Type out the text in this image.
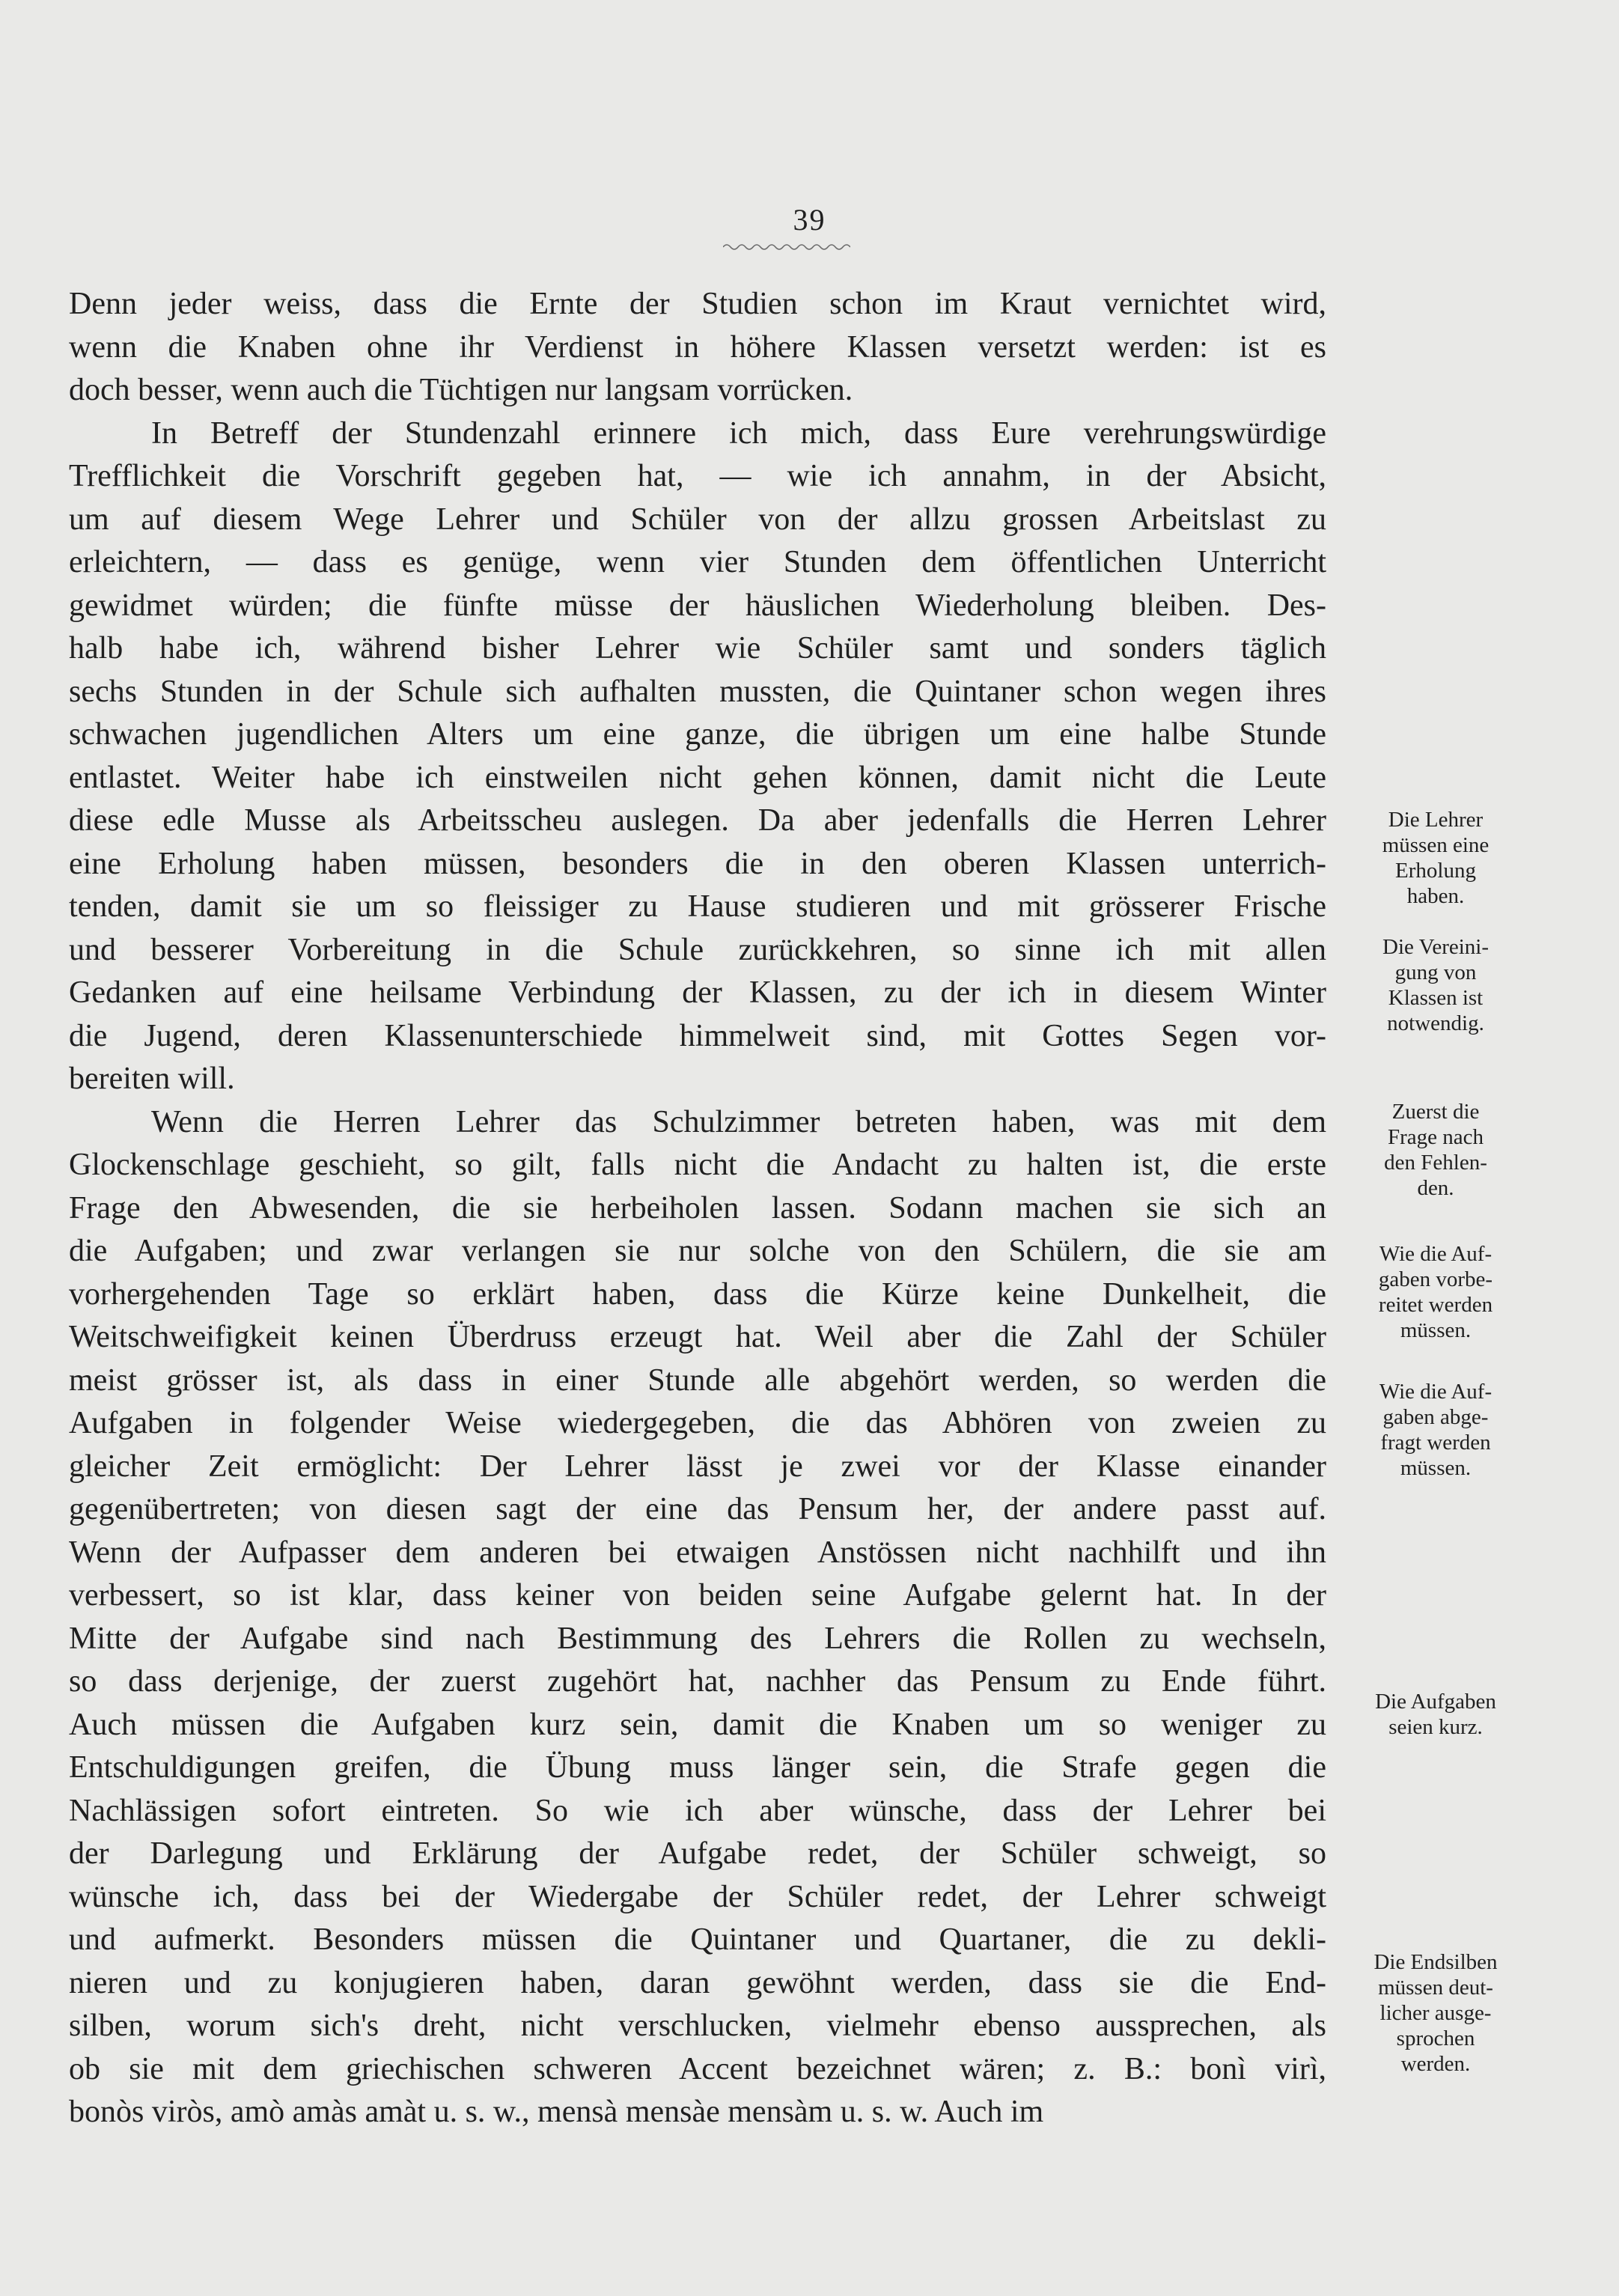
39
Denn jeder weiss, dass die Ernte der Studien schon im Kraut vernichtet wird,
wenn die Knaben ohne ihr Verdienst in höhere Klassen versetzt werden: ist es
doch besser, wenn auch die Tüchtigen nur langsam vorrücken.
In Betreff der Stundenzahl erinnere ich mich, dass Eure verehrungswürdige
Trefflichkeit die Vorschrift gegeben hat, — wie ich annahm, in der Absicht,
um auf diesem Wege Lehrer und Schüler von der allzu grossen Arbeitslast zu
erleichtern, — dass es genüge, wenn vier Stunden dem öffentlichen Unterricht
gewidmet würden; die fünfte müsse der häuslichen Wiederholung bleiben. Des-
halb habe ich, während bisher Lehrer wie Schüler samt und sonders täglich
sechs Stunden in der Schule sich aufhalten mussten, die Quintaner schon wegen ihres
schwachen jugendlichen Alters um eine ganze, die übrigen um eine halbe Stunde
entlastet. Weiter habe ich einstweilen nicht gehen können, damit nicht die Leute
diese edle Musse als Arbeitsscheu auslegen. Da aber jedenfalls die Herren Lehrer
eine Erholung haben müssen, besonders die in den oberen Klassen unterrich-
tenden, damit sie um so fleissiger zu Hause studieren und mit grösserer Frische
und besserer Vorbereitung in die Schule zurückkehren, so sinne ich mit allen
Gedanken auf eine heilsame Verbindung der Klassen, zu der ich in diesem Winter
die Jugend, deren Klassenunterschiede himmelweit sind, mit Gottes Segen vor-
bereiten will.
Wenn die Herren Lehrer das Schulzimmer betreten haben, was mit dem
Glockenschlage geschieht, so gilt, falls nicht die Andacht zu halten ist, die erste
Frage den Abwesenden, die sie herbeiholen lassen. Sodann machen sie sich an
die Aufgaben; und zwar verlangen sie nur solche von den Schülern, die sie am
vorhergehenden Tage so erklärt haben, dass die Kürze keine Dunkelheit, die
Weitschweifigkeit keinen Überdruss erzeugt hat. Weil aber die Zahl der Schüler
meist grösser ist, als dass in einer Stunde alle abgehört werden, so werden die
Aufgaben in folgender Weise wiedergegeben, die das Abhören von zweien zu
gleicher Zeit ermöglicht: Der Lehrer lässt je zwei vor der Klasse einander
gegenübertreten; von diesen sagt der eine das Pensum her, der andere passt auf.
Wenn der Aufpasser dem anderen bei etwaigen Anstössen nicht nachhilft und ihn
verbessert, so ist klar, dass keiner von beiden seine Aufgabe gelernt hat. In der
Mitte der Aufgabe sind nach Bestimmung des Lehrers die Rollen zu wechseln,
so dass derjenige, der zuerst zugehört hat, nachher das Pensum zu Ende führt.
Auch müssen die Aufgaben kurz sein, damit die Knaben um so weniger zu
Entschuldigungen greifen, die Übung muss länger sein, die Strafe gegen die
Nachlässigen sofort eintreten. So wie ich aber wünsche, dass der Lehrer bei
der Darlegung und Erklärung der Aufgabe redet, der Schüler schweigt, so
wünsche ich, dass bei der Wiedergabe der Schüler redet, der Lehrer schweigt
und aufmerkt. Besonders müssen die Quintaner und Quartaner, die zu dekli-
nieren und zu konjugieren haben, daran gewöhnt werden, dass sie die End-
silben, worum sich's dreht, nicht verschlucken, vielmehr ebenso aussprechen, als
ob sie mit dem griechischen schweren Accent bezeichnet wären; z. B.: bonì virì,
bonòs viròs, amò amàs amàt u. s. w., mensà mensàe mensàm u. s. w. Auch im
Die Lehrer
müssen eine
Erholung
haben.
Die Vereini-
gung von
Klassen ist
notwendig.
Zuerst die
Frage nach
den Fehlen-
den.
Wie die Auf-
gaben vorbe-
reitet werden
müssen.
Wie die Auf-
gaben abge-
fragt werden
müssen.
Die Aufgaben
seien kurz.
Die Endsilben
müssen deut-
licher ausge-
sprochen
werden.
